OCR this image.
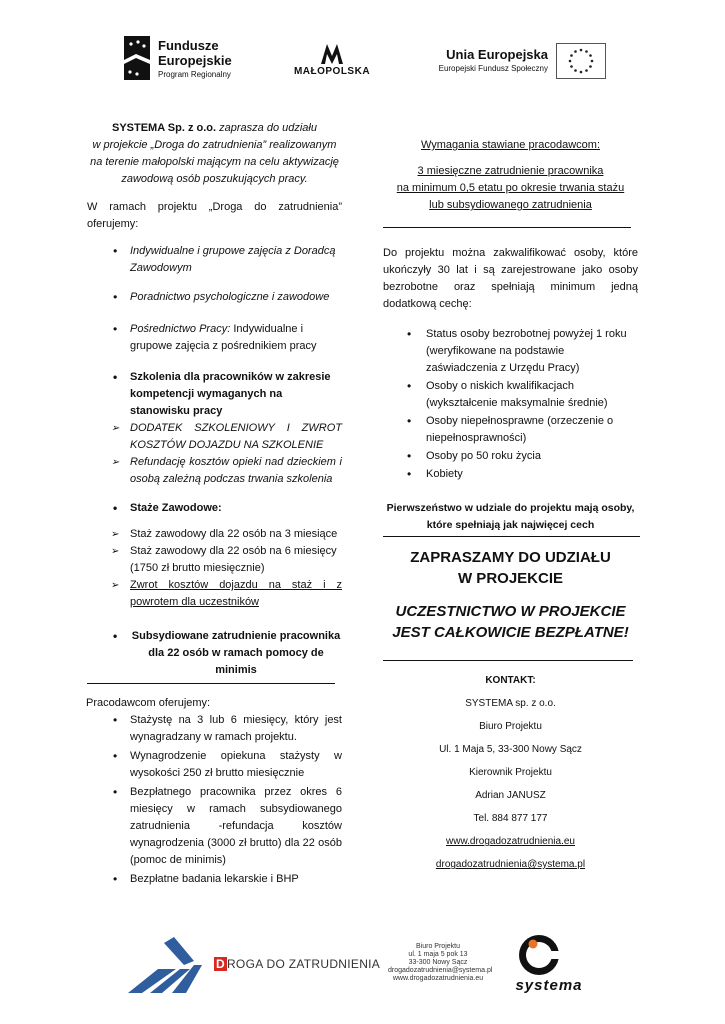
Fundusze
Europejskie
Program Regionalny	MAŁOPOLSKA
Unia Europejska
Europejski Fundusz Społeczny
SYSTEMA Sp. z o.o. zaprasza do udziału
w projekcie „Droga do zatrudnienia” realizowanym
na terenie małopolski mającym na celu aktywizację
zawodową osób poszukujących pracy.
W ramach projektu „Droga do zatrudnienia” oferujemy:
• Indywidualne i grupowe zajęcia z Doradcą Zawodowym
• Poradnictwo psychologiczne i zawodowe
• Pośrednictwo Pracy: Indywidualne i grupowe zajęcia z pośrednikiem pracy
• Szkolenia dla pracowników w zakresie kompetencji wymaganych na stanowisku pracy
➢ DODATEK SZKOLENIOWY I ZWROT KOSZTÓW DOJAZDU NA SZKOLENIE
➢ Refundację kosztów opieki nad dzieckiem i osobą zależną podczas trwania szkolenia
• Staże Zawodowe:
➢ Staż zawodowy dla 22 osób na 3 miesiące
➢ Staż zawodowy dla 22 osób na 6 miesięcy (1750 zł brutto miesięcznie)
➢ Zwrot kosztów dojazdu na staż i z powrotem dla uczestników
• Subsydiowane zatrudnienie pracownika dla 22 osób w ramach pomocy de minimis
Pracodawcom oferujemy:
• Stażystę na 3 lub 6 miesięcy, który jest wynagradzany w ramach projektu.
• Wynagrodzenie opiekuna stażysty w wysokości 250 zł brutto miesięcznie
• Bezpłatnego pracownika przez okres 6 miesięcy w ramach subsydiowanego zatrudnienia -refundacja kosztów wynagrodzenia (3000 zł brutto) dla 22 osób (pomoc de minimis)
• Bezpłatne badania lekarskie i BHP
Wymagania stawiane pracodawcom:
3 miesięczne zatrudnienie pracownika
na minimum 0,5 etatu po okresie trwania stażu
lub subsydiowanego zatrudnienia
Do projektu można zakwalifikować osoby, które ukończyły 30 lat i są zarejestrowane jako osoby bezrobotne oraz spełniają minimum jedną dodatkową cechę:
• Status osoby bezrobotnej powyżej 1 roku (weryfikowane na podstawie zaświadczenia z Urzędu Pracy)
• Osoby o niskich kwalifikacjach (wykształcenie maksymalnie średnie)
• Osoby niepełnosprawne (orzeczenie o niepełnosprawności)
• Osoby po 50 roku życia
• Kobiety
Pierwszeństwo w udziale do projektu mają osoby, które spełniają jak najwięcej cech
ZAPRASZAMY DO UDZIAŁU
W PROJEKCIE
UCZESTNICTWO W PROJEKCIE
JEST CAŁKOWICIE BEZPŁATNE!
KONTAKT:
SYSTEMA sp. z o.o.
Biuro Projektu
Ul. 1 Maja 5, 33-300 Nowy Sącz
Kierownik Projektu
Adrian JANUSZ
Tel. 884 877 177
www.drogadozatrudnienia.eu
drogadozatrudnienia@systema.pl
D ROGA DO ZATRUDNIENIA
Biuro Projektu
ul. 1 maja 5 pok 13
33-300 Nowy Sącz
drogadozatrudnienia@systema.pl
www.drogadozatrudnienia.eu	systema
